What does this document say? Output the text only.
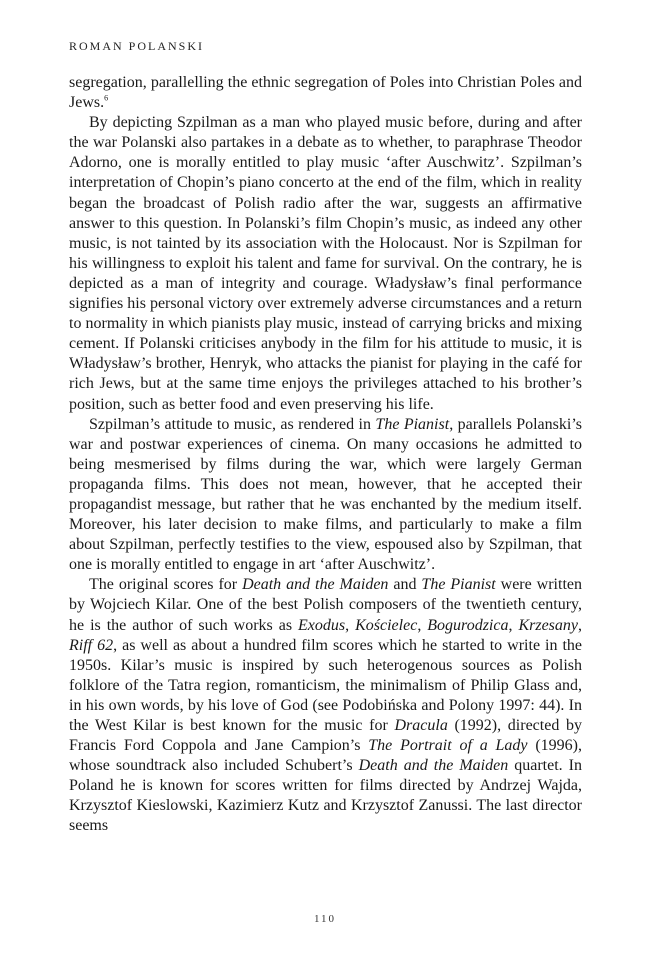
ROMAN POLANSKI

segregation, parallelling the ethnic segregation of Poles into Christian Poles and Jews.$^6$

By depicting Szpilman as a man who played music before, during and after the war Polanski also partakes in a debate as to whether, to paraphrase Theodor Adorno, one is morally entitled to play music ‘after Auschwitz’. Szpilman’s interpretation of Chopin’s piano concerto at the end of the film, which in reality began the broadcast of Polish radio after the war, suggests an affirmative answer to this question. In Polanski’s film Chopin’s music, as indeed any other music, is not tainted by its association with the Holocaust. Nor is Szpilman for his willingness to exploit his talent and fame for survival. On the contrary, he is depicted as a man of integrity and courage. Władysław’s final performance signifies his personal victory over extremely adverse circumstances and a return to normality in which pianists play music, instead of carrying bricks and mixing cement. If Polanski criticises anybody in the film for his attitude to music, it is Władysław’s brother, Henryk, who attacks the pianist for playing in the café for rich Jews, but at the same time enjoys the privileges attached to his brother’s position, such as better food and even preserving his life.

Szpilman’s attitude to music, as rendered in The Pianist, parallels Polanski’s war and postwar experiences of cinema. On many occasions he admitted to being mesmerised by films during the war, which were largely German propaganda films. This does not mean, however, that he accepted their propagandist message, but rather that he was enchanted by the medium itself. Moreover, his later decision to make films, and particularly to make a film about Szpilman, perfectly testifies to the view, espoused also by Szpilman, that one is morally entitled to engage in art ‘after Auschwitz’.

The original scores for Death and the Maiden and The Pianist were written by Wojciech Kilar. One of the best Polish composers of the twentieth century, he is the author of such works as Exodus, Kościelec, Bogurodzica, Krzesany, Riff 62, as well as about a hundred film scores which he started to write in the 1950s. Kilar’s music is inspired by such heterogenous sources as Polish folklore of the Tatra region, romanticism, the minimalism of Philip Glass and, in his own words, by his love of God (see Podobińska and Polony 1997: 44). In the West Kilar is best known for the music for Dracula (1992), directed by Francis Ford Coppola and Jane Campion’s The Portrait of a Lady (1996), whose soundtrack also included Schubert’s Death and the Maiden quartet. In Poland he is known for scores written for films directed by Andrzej Wajda, Krzysztof Kieslowski, Kazimierz Kutz and Krzysztof Zanussi. The last director seems

110
